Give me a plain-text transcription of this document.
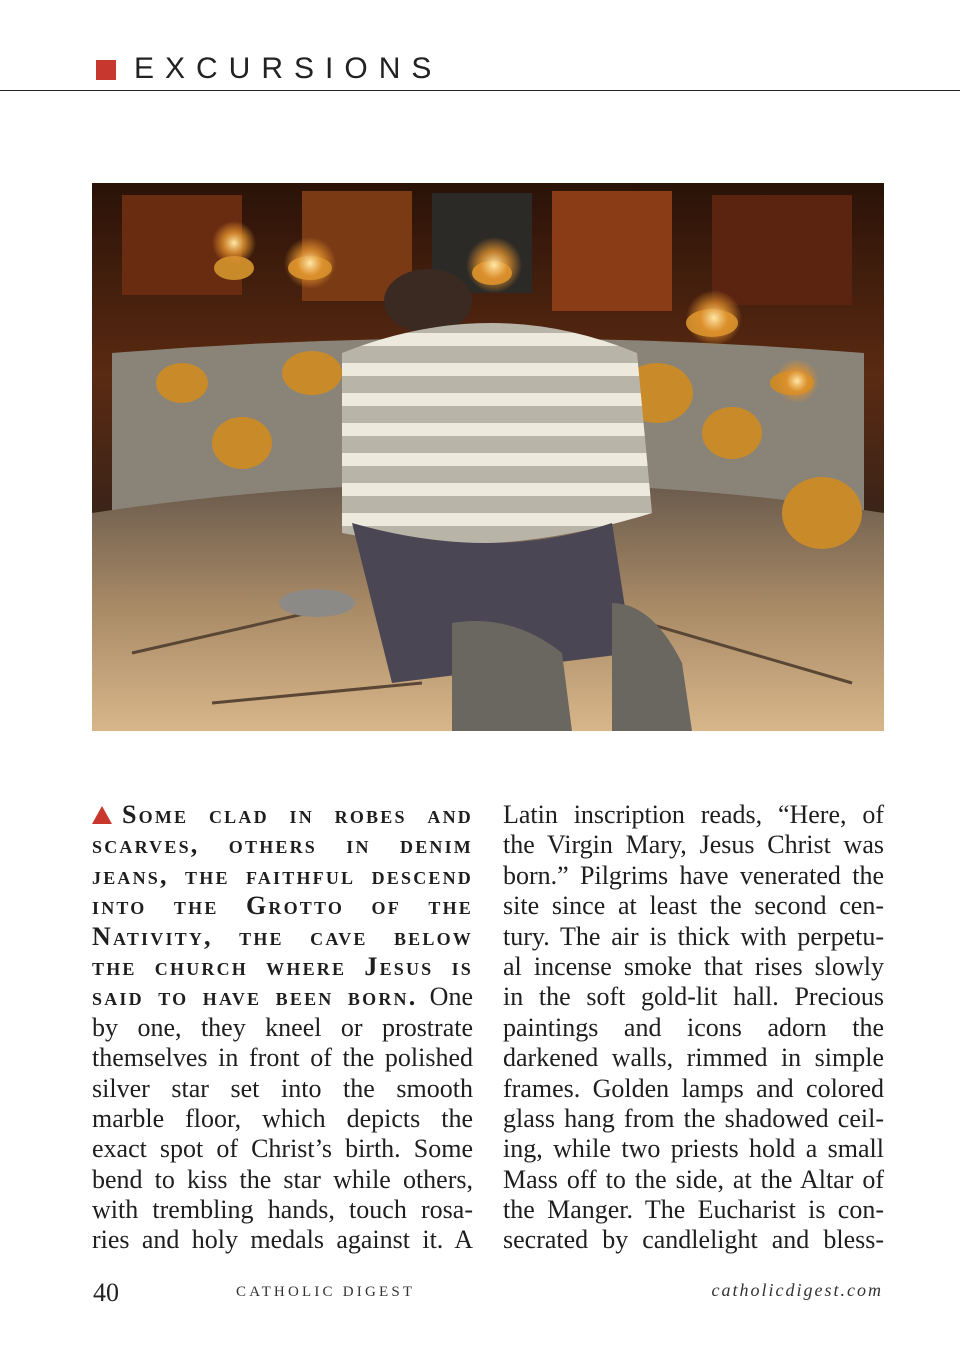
EXCURSIONS
Some clad in robes and
scarves, others in denim
jeans, the faithful descend
into the Grotto of the
Nativity, the cave below
the church where Jesus is
said to have been born. One
by one, they kneel or prostrate
themselves in front of the polished
silver star set into the smooth
marble floor, which depicts the
exact spot of Christ’s birth. Some
bend to kiss the star while others,
with trembling hands, touch rosa-
ries and holy medals against it. A
Latin inscription reads, “Here, of
the Virgin Mary, Jesus Christ was
born.” Pilgrims have venerated the
site since at least the second cen-
tury. The air is thick with perpetu-
al incense smoke that rises slowly
in the soft gold-lit hall. Precious
paintings and icons adorn the
darkened walls, rimmed in simple
frames. Golden lamps and colored
glass hang from the shadowed ceil-
ing, while two priests hold a small
Mass off to the side, at the Altar of
the Manger. The Eucharist is con-
secrated by candlelight and bless-
40	CATHOLIC DIGEST	catholicdigest.com
